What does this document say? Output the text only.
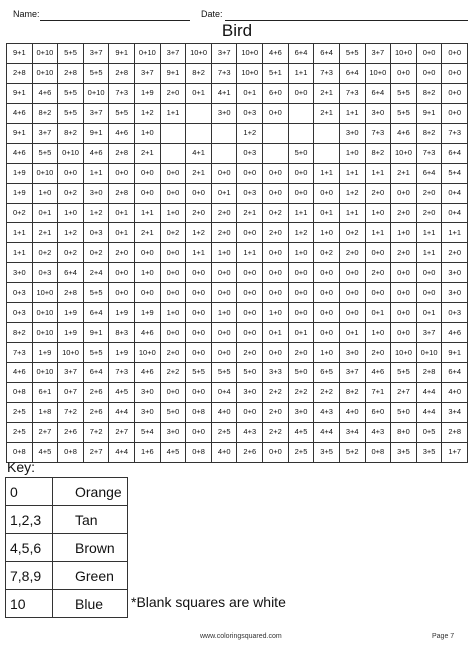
Name:	Date:
Bird
9+1	0+10	5+5	3+7	9+1	0+10	3+7	10+0	3+7	10+0	4+6	6+4	6+4	5+5	3+7	10+0	0+0	0+0
2+8	0+10	2+8	5+5	2+8	3+7	9+1	8+2	7+3	10+0	5+1	1+1	7+3	6+4	10+0	0+0	0+0	0+0
9+1	4+6	5+5	0+10	7+3	1+9	2+0	0+1	4+1	0+1	6+0	0+0	2+1	7+3	6+4	5+5	8+2	0+0
4+6	8+2	5+5	3+7	5+5	1+2	1+1		3+0	0+3	0+0		2+1	1+1	3+0	5+5	9+1	0+0
9+1	3+7	8+2	9+1	4+6	1+0				1+2				3+0	7+3	4+6	8+2	7+3
4+6	5+5	0+10	4+6	2+8	2+1		4+1		0+3		5+0		1+0	8+2	10+0	7+3	6+4
1+9	0+10	0+0	1+1	0+0	0+0	0+0	2+1	0+0	0+0	0+0	0+0	1+1	1+1	1+1	2+1	6+4	5+4
1+9	1+0	0+2	3+0	2+8	0+0	0+0	0+0	0+1	0+3	0+0	0+0	0+0	1+2	2+0	0+0	2+0	0+4
0+2	0+1	1+0	1+2	0+1	1+1	1+0	2+0	2+0	2+1	0+2	1+1	0+1	1+1	1+0	2+0	2+0	0+4
1+1	2+1	1+2	0+3	0+1	2+1	0+2	1+2	2+0	0+0	2+0	1+2	1+0	0+2	1+1	1+0	1+1	1+1
1+1	0+2	0+2	0+2	2+0	0+0	0+0	1+1	1+0	1+1	0+0	1+0	0+2	2+0	0+0	2+0	1+1	2+0
3+0	0+3	6+4	2+4	0+0	1+0	0+0	0+0	0+0	0+0	0+0	0+0	0+0	0+0	2+0	0+0	0+0	3+0
0+3	10+0	2+8	5+5	0+0	0+0	0+0	0+0	0+0	0+0	0+0	0+0	0+0	0+0	0+0	0+0	0+0	3+0
0+3	0+10	1+9	6+4	1+9	1+9	1+0	0+0	1+0	0+0	1+0	0+0	0+0	0+0	0+1	0+0	0+1	0+3
8+2	0+10	1+9	9+1	8+3	4+6	0+0	0+0	0+0	0+0	0+1	0+1	0+0	0+1	1+0	0+0	3+7	4+6
7+3	1+9	10+0	5+5	1+9	10+0	2+0	0+0	0+0	2+0	0+0	2+0	1+0	3+0	2+0	10+0	0+10	9+1
4+6	0+10	3+7	6+4	7+3	4+6	2+2	5+5	5+5	5+0	3+3	5+0	6+5	3+7	4+6	5+5	2+8	6+4
0+8	6+1	0+7	2+6	4+5	3+0	0+0	0+0	0+4	3+0	2+2	2+2	2+2	8+2	7+1	2+7	4+4	4+0
2+5	1+8	7+2	2+6	4+4	3+0	5+0	0+8	4+0	0+0	2+0	3+0	4+3	4+0	6+0	5+0	4+4	3+4
2+5	2+7	2+6	7+2	2+7	5+4	3+0	0+0	2+5	4+3	2+2	4+5	4+4	3+4	4+3	8+0	0+5	2+8
0+8	4+5	0+8	2+7	4+4	1+6	4+5	0+8	4+0	2+6	0+0	2+5	3+5	5+2	0+8	3+5	3+5	1+7
Key:
0	Orange
1,2,3	Tan
4,5,6	Brown
7,8,9	Green
10	Blue *Blank squares are white
www.coloringsquared.com	Page 7
